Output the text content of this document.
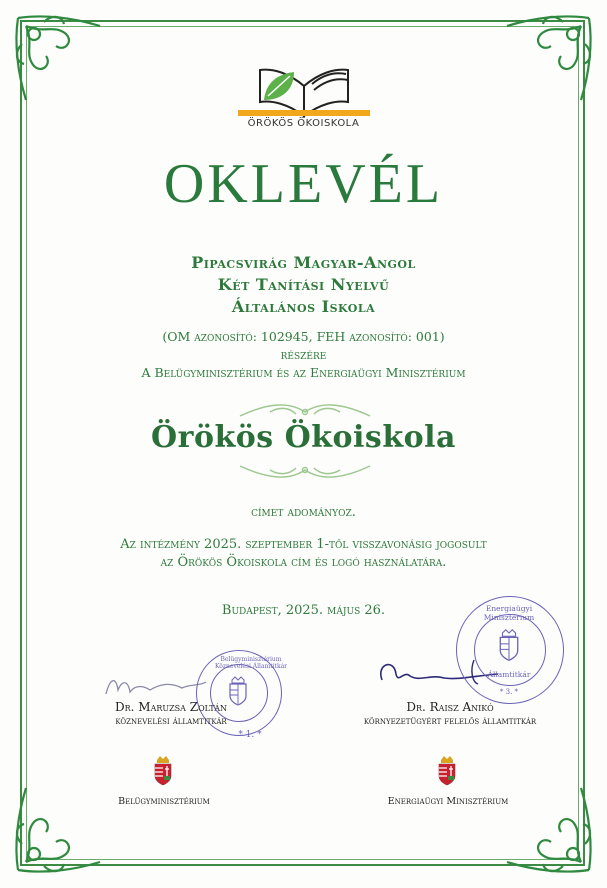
ÖRÖKÖS ÖKOISKOLA
OKLEVÉL
Pipacsvirág Magyar-Angol
Két Tanítási Nyelvű
Általános Iskola
(OM azonosító: 102945, FEH azonosító: 001)
részére
A Belügyminisztérium és az Energiaügyi Minisztérium
Örökös Ökoiskola
címet adományoz.
Az intézmény 2025. szeptember 1-től visszavonásig jogosult
az Örökös Ökoiskola cím és logó használatára.
Budapest, 2025. május 26.
* 1. *
Belügyminisztérium Köznevelési Államtitkár
Energiaügyi Minisztérium
Államtitkár
* 3. *
Dr. Maruzsa Zoltán
köznevelési államtitkár
Dr. Raisz Anikó
környezetügyért felelős államtitkár
Belügyminisztérium	Energiaügyi Minisztérium
